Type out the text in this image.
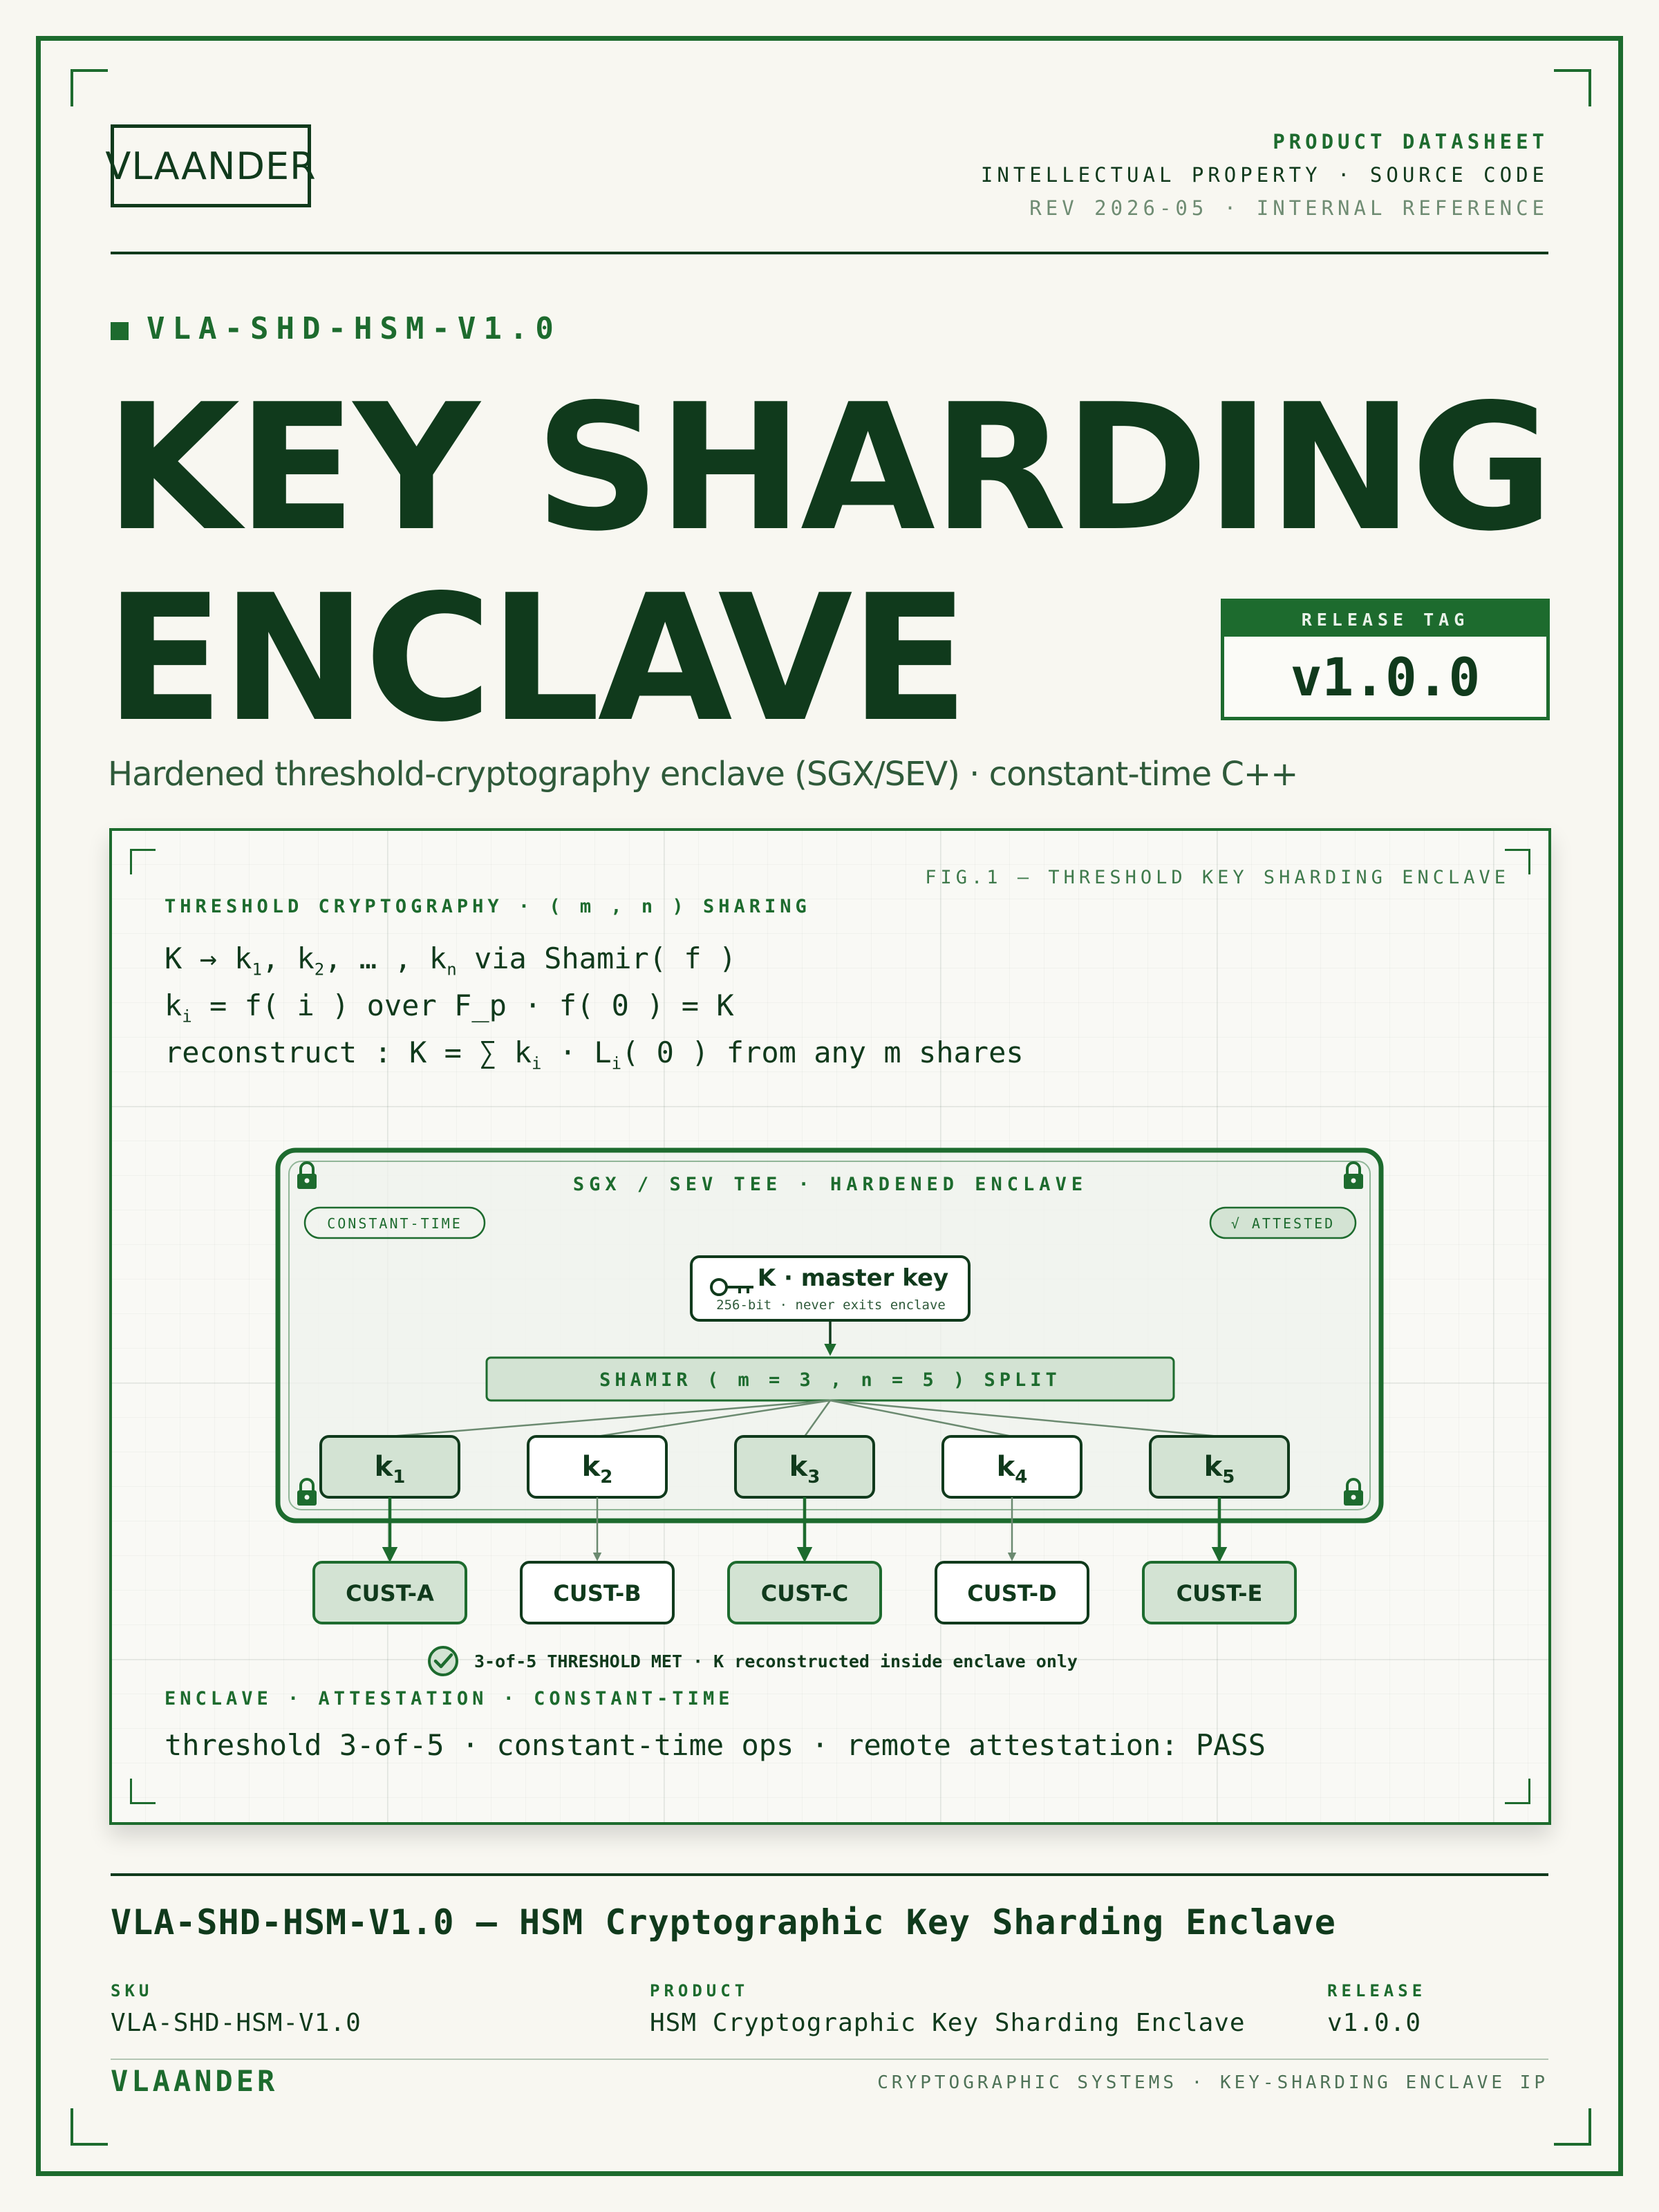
VLAANDER
PRODUCT DATASHEET
INTELLECTUAL PROPERTY · SOURCE CODE
REV 2026-05 · INTERNAL REFERENCE
VLA-SHD-HSM-V1.0
KEY SHARDING
ENCLAVE	RELEASE TAG
v1.0.0
Hardened threshold-cryptography enclave (SGX/SEV) · constant-time C++
FIG.1 — THRESHOLD KEY SHARDING ENCLAVE
THRESHOLD CRYPTOGRAPHY · ( m , n ) SHARING
$K \to k_1$, $k_2$, … , $k_n$ via Shamir( f )
$k_i = f$( i ) over F_p · f( 0 ) = K
reconstruct : K = ∑ $k_i \cdot L_i$( 0 ) from any m shares
SGX / SEV TEE · HARDENED ENCLAVE
CONSTANT-TIME	√ ATTESTED
K · master key
256-bit · never exits enclave
SHAMIR ( m = 3 , n = 5 ) SPLIT
$k_1$	$k_2$	$k_3$	$k_4$	$k_5$
CUST-A	CUST-B	CUST-C	CUST-D	CUST-E
3-of-5 THRESHOLD MET · K reconstructed inside enclave only
ENCLAVE · ATTESTATION · CONSTANT-TIME
threshold 3-of-5 · constant-time ops · remote attestation: PASS
VLA-SHD-HSM-V1.0 — HSM Cryptographic Key Sharding Enclave
SKU
VLA-SHD-HSM-V1.0
PRODUCT
HSM Cryptographic Key Sharding Enclave
RELEASE
v1.0.0
VLAANDER	CRYPTOGRAPHIC SYSTEMS · KEY-SHARDING ENCLAVE IP
